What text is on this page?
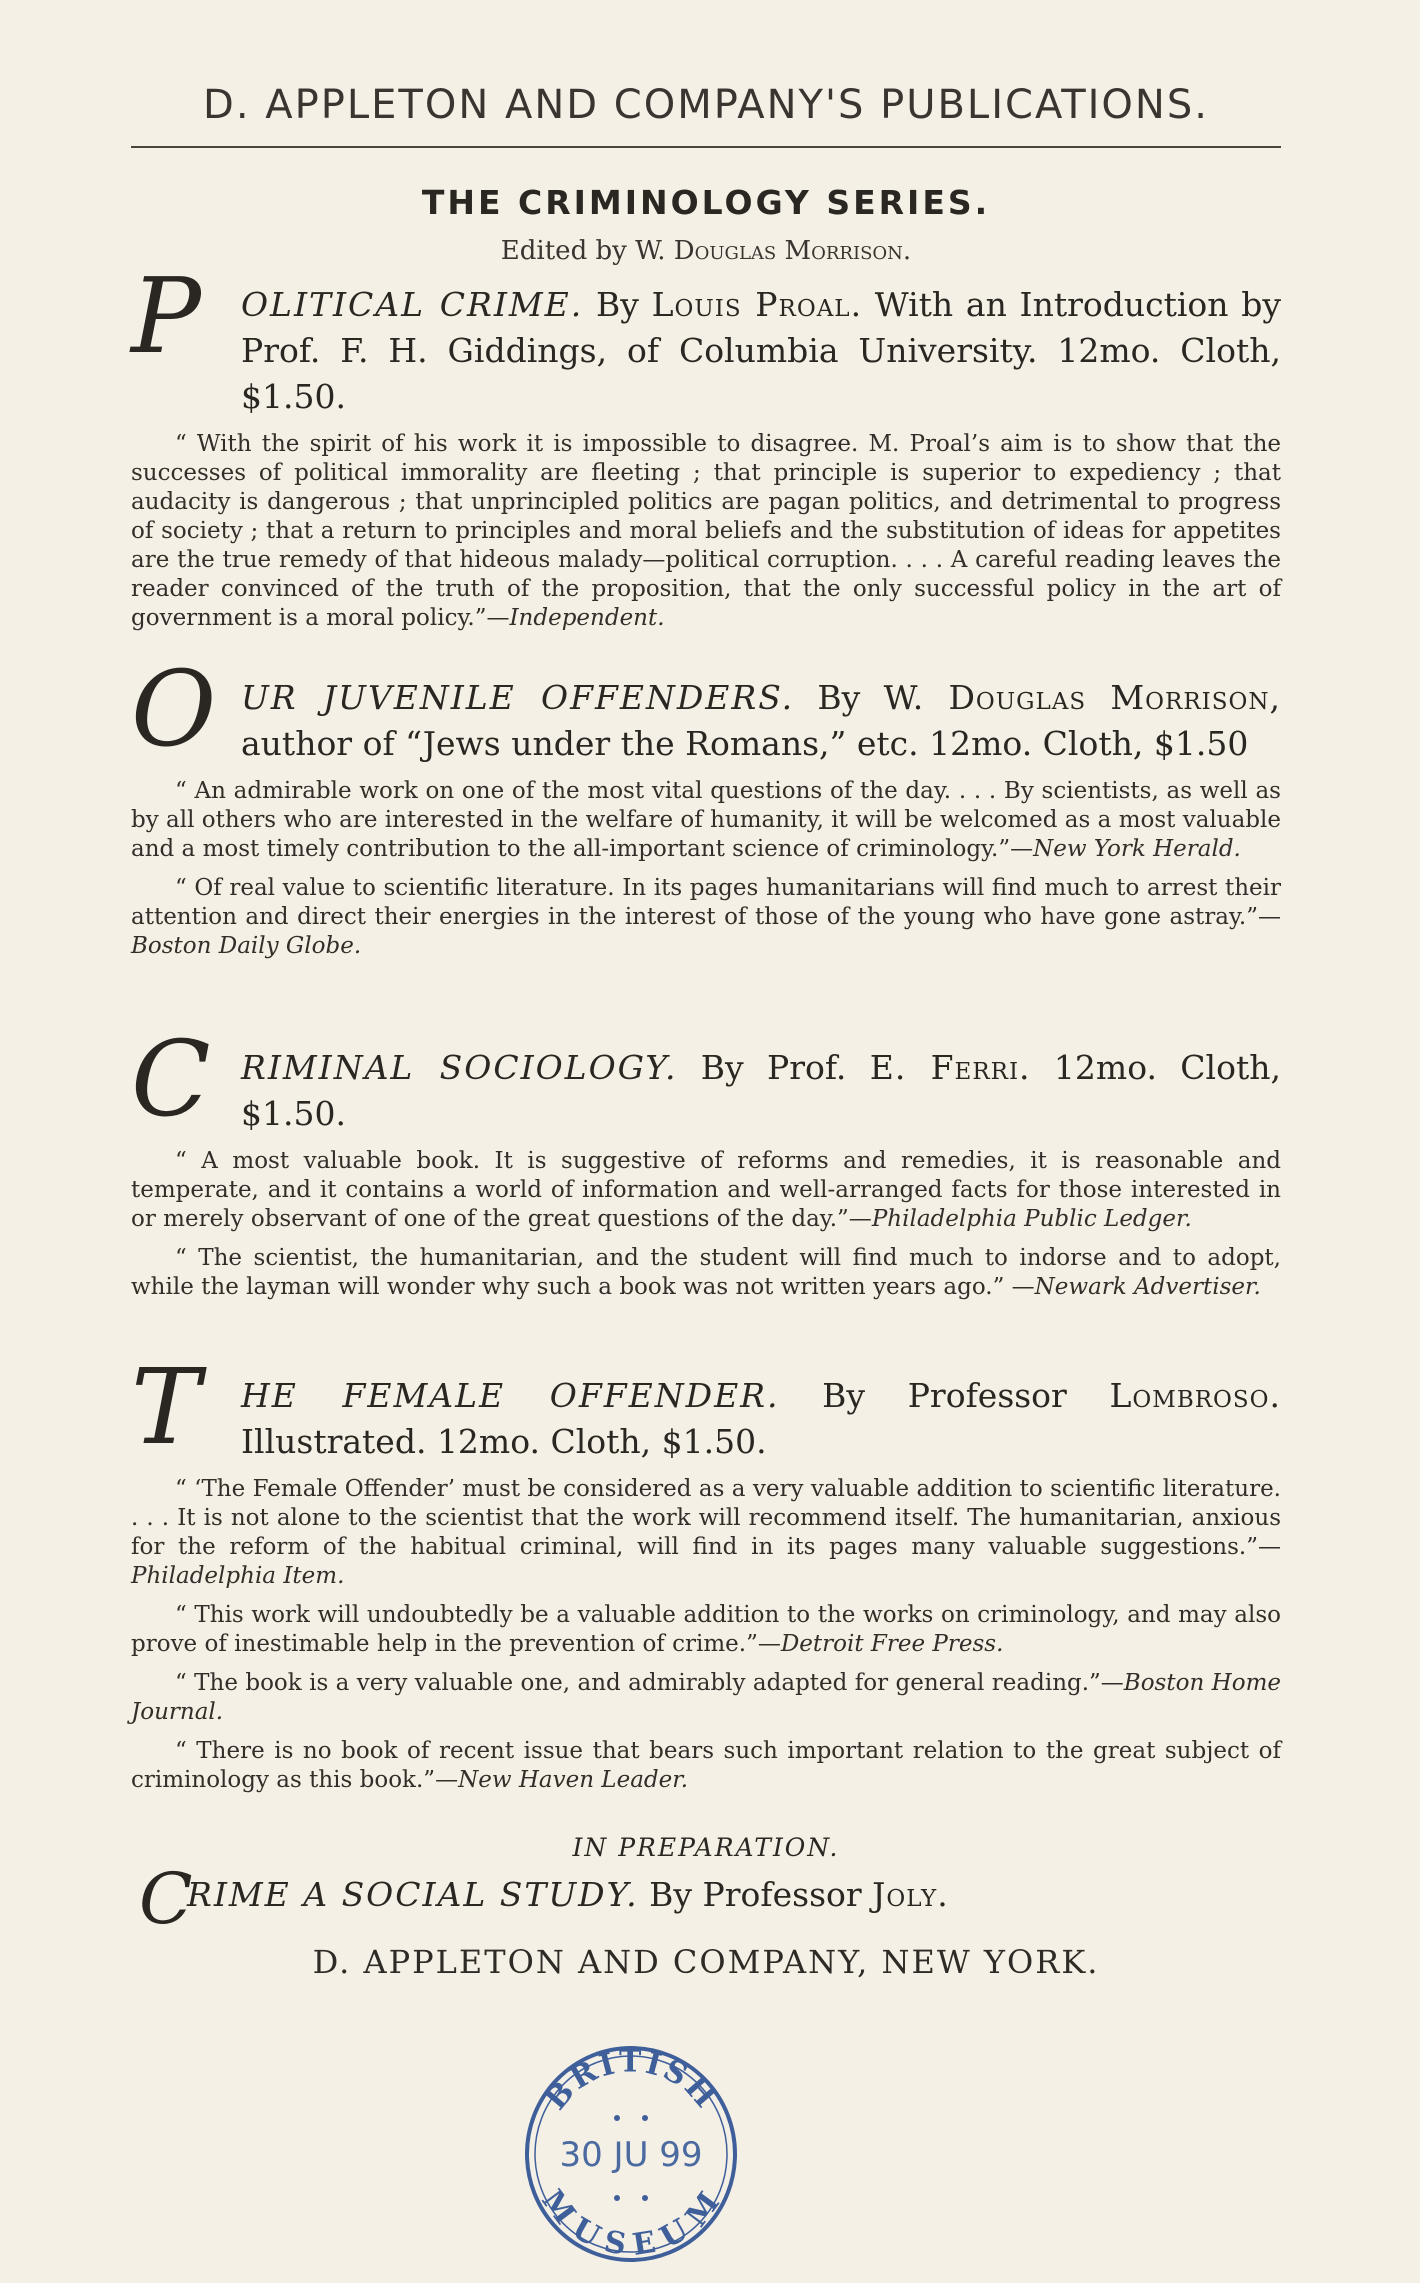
D. APPLETON AND COMPANY'S PUBLICATIONS.
THE CRIMINOLOGY SERIES.
Edited by W. Douglas Morrison.
P	OLITICAL CRIME. By Louis Proal. With an Introduction by Prof. F. H. Giddings, of Columbia University. 12mo. Cloth, $1.50.
“ With the spirit of his work it is impossible to disagree. M. Proal’s aim is to show that the successes of political immorality are fleeting ; that principle is superior to expediency ; that audacity is dangerous ; that unprincipled politics are pagan politics, and detrimental to progress of society ; that a return to principles and moral beliefs and the substitution of ideas for appetites are the true remedy of that hideous malady—political corruption. . . . A careful reading leaves the reader convinced of the truth of the proposition, that the only successful policy in the art of government is a moral policy.”—Independent.
O UR JUVENILE OFFENDERS. By W. Douglas Morrison, author of “Jews under the Romans,” etc. 12mo. Cloth, $1.50
“ An admirable work on one of the most vital questions of the day. . . . By scientists, as well as by all others who are interested in the welfare of humanity, it will be welcomed as a most valuable and a most timely contribution to the all-important science of criminology.”—New York Herald.
“ Of real value to scientific literature. In its pages humanitarians will find much to arrest their attention and direct their energies in the interest of those of the young who have gone astray.”—Boston Daily Globe.
C RIMINAL SOCIOLOGY. By Prof. E. Ferri. 12mo. Cloth, $1.50.
“ A most valuable book. It is suggestive of reforms and remedies, it is reasonable and temperate, and it contains a world of information and well-arranged facts for those interested in or merely observant of one of the great questions of the day.”—Philadelphia Public Ledger.
“ The scientist, the humanitarian, and the student will find much to indorse and to adopt, while the layman will wonder why such a book was not written years ago.” —Newark Advertiser.
T	HE FEMALE OFFENDER. By Professor Lombroso. Illustrated. 12mo. Cloth, $1.50.
“ ‘The Female Offender’ must be considered as a very valuable addition to scientific literature. . . . It is not alone to the scientist that the work will recommend itself. The humanitarian, anxious for the reform of the habitual criminal, will find in its pages many valuable suggestions.”—Philadelphia Item.
“ This work will undoubtedly be a valuable addition to the works on criminology, and may also prove of inestimable help in the prevention of crime.”—Detroit Free Press.
“ The book is a very valuable one, and admirably adapted for general reading.”—Boston Home Journal.
“ There is no book of recent issue that bears such important relation to the great subject of criminology as this book.”—New Haven Leader.
IN PREPARATION.
C
RIME A SOCIAL STUDY. By Professor Joly.
D. APPLETON AND COMPANY, NEW YORK.
BRITISH
MUSEUM
30 JU 99
